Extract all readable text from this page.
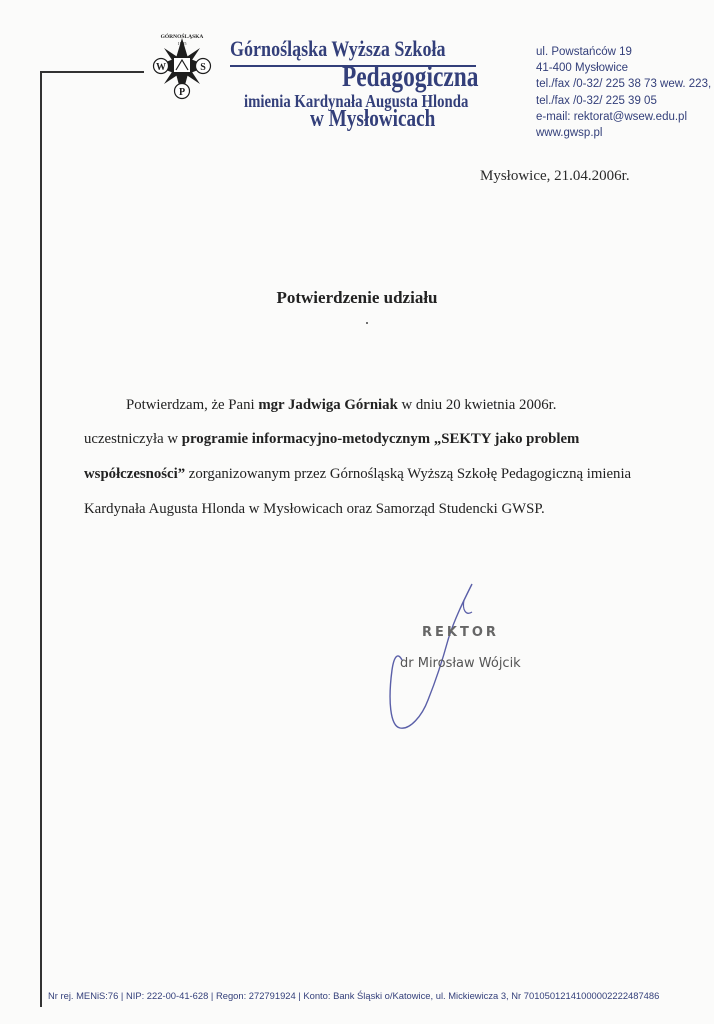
W	S
P
GÓRNOŚLĄSKA
1995 Górnośląska Wyższa Szkoła
Pedagogiczna
imienia Kardynała Augusta Hlonda
w Mysłowicach
ul. Powstańców 19
41-400 Mysłowice
tel./fax /0-32/ 225 38 73 wew. 223,
tel./fax /0-32/ 225 39 05
e-mail: rektorat@wsew.edu.pl
www.gwsp.pl
Mysłowice, 21.04.2006r.
Potwierdzenie udziału
Potwierdzam, że Pani mgr Jadwiga Górniak w dniu 20 kwietnia 2006r.
uczestniczyła w programie informacyjno-metodycznym „SEKTY jako problem
współczesności” zorganizowanym przez Górnośląską Wyższą Szkołę Pedagogiczną imienia
Kardynała Augusta Hlonda w Mysłowicach oraz Samorząd Studencki GWSP.
REKTOR
dr Mirosław Wójcik
Nr rej. MENiS:76 | NIP: 222-00-41-628 | Regon: 272791924 | Konto: Bank Śląski o/Katowice, ul. Mickiewicza 3, Nr 70105012141000002222487486
